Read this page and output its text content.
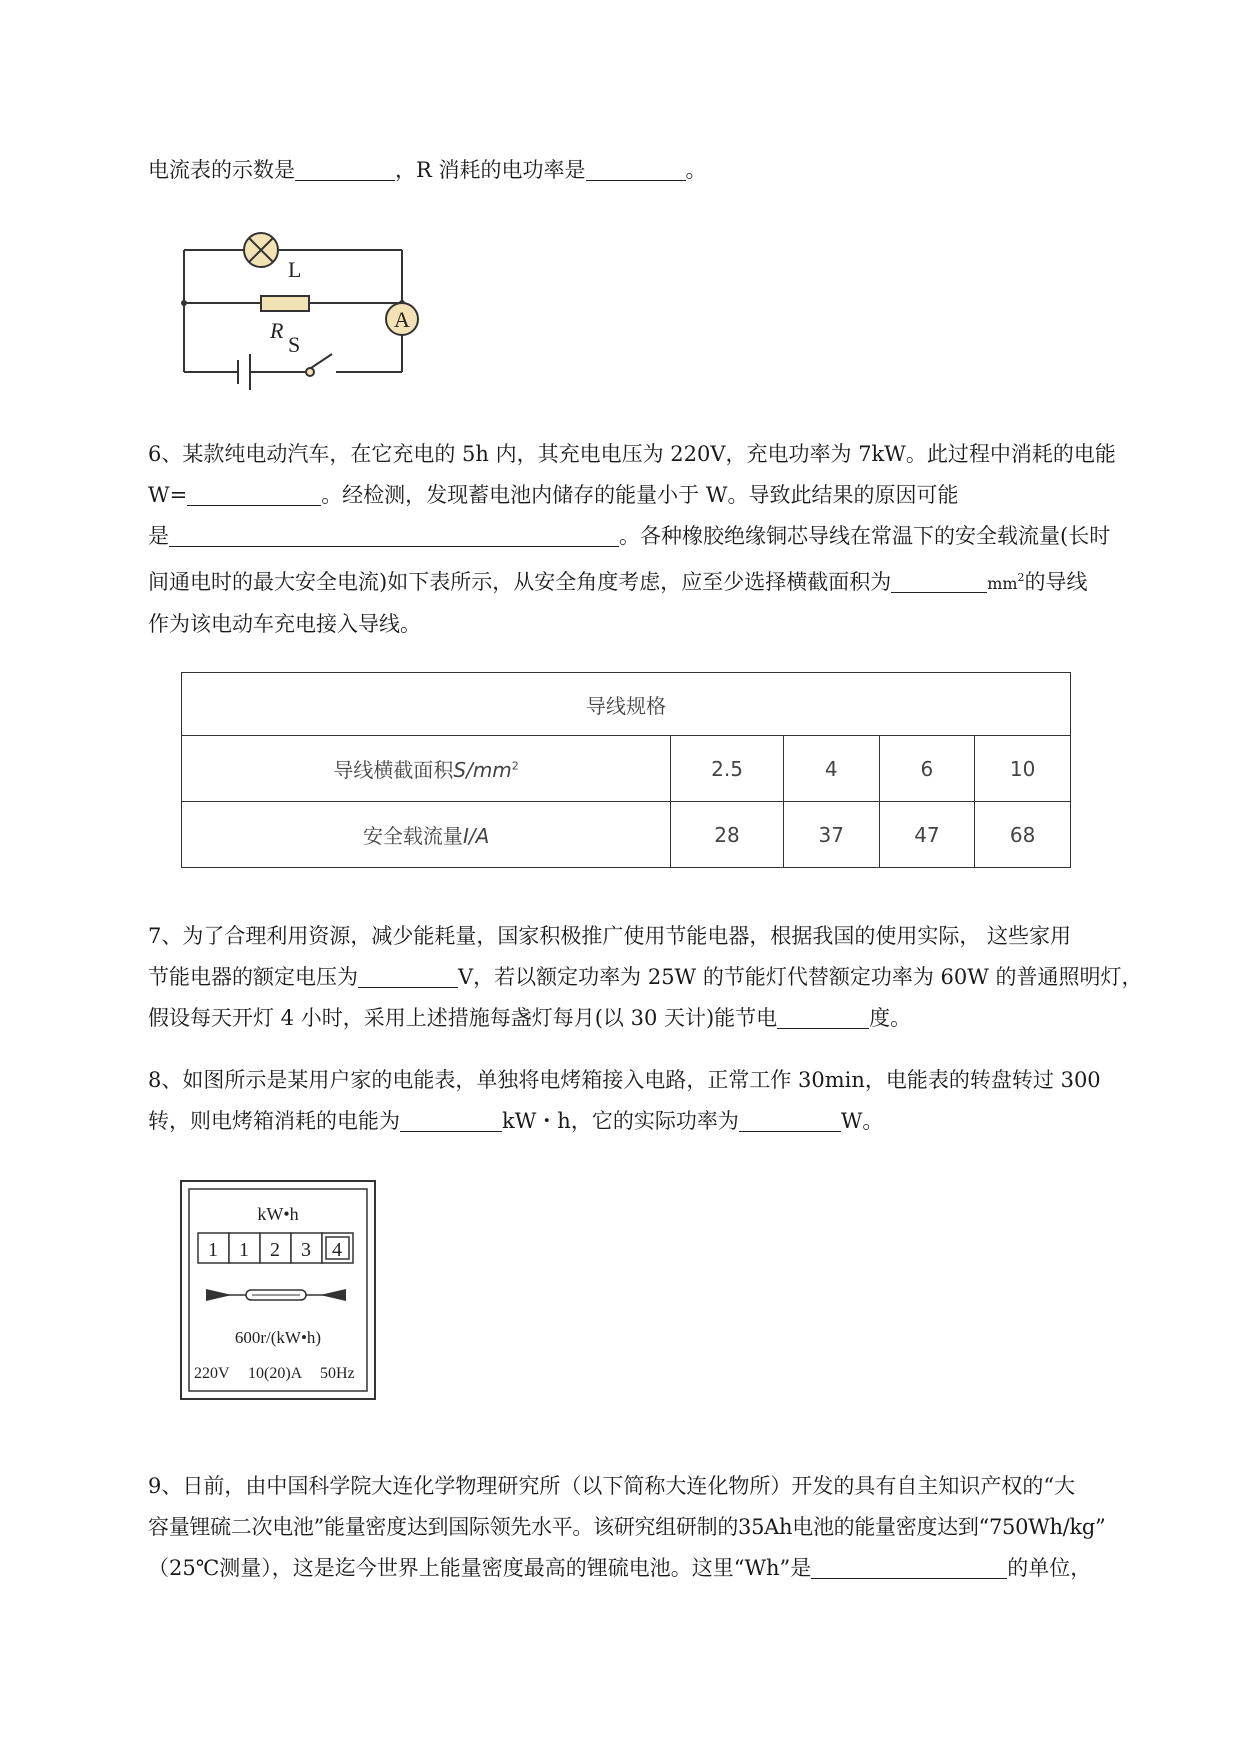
电流表的示数是	，R 消耗的电功率是	。

L
R	A
S

6、某款纯电动汽车，在它充电的 5h 内，其充电电压为 220V，充电功率为 7kW。此过程中消耗的电能
W=	。经检测，发现蓄电池内储存的能量小于 W。导致此结果的原因可能
是	。各种橡胶绝缘铜芯导线在常温下的安全载流量(长时
间通电时的最大安全电流)如下表所示，从安全角度考虑，应至少选择横截面积为	$mm^2$的导线
作为该电动车充电接入导线。

导线规格				
导线横截面积$S/mm^2$	2.5	4	6	10
安全载流量I/A	28	37	47	68

7、为了合理利用资源，减少能耗量，国家积极推广使用节能电器，根据我国的使用实际， 这些家用
节能电器的额定电压为	V，若以额定功率为 25W 的节能灯代替额定功率为 60W 的普通照明灯，
假设每天开灯 4 小时，采用上述措施每盏灯每月(以 30 天计)能节电	度。

8、如图所示是某用户家的电能表，单独将电烤箱接入电路，正常工作 30min，电能表的转盘转过 300
转，则电烤箱消耗的电能为	kW・h，它的实际功率为	W。

kW•h
1 1 2 3 4
600r/(kW•h)
220V 10(20)A 50Hz

9、日前，由中国科学院大连化学物理研究所（以下简称大连化物所）开发的具有自主知识产权的“大
容量锂硫二次电池”能量密度达到国际领先水平。该研究组研制的35Ah电池的能量密度达到“750Wh/kg”
（25℃测量），这是迄今世界上能量密度最高的锂硫电池。这里“Wh”是	的单位，
